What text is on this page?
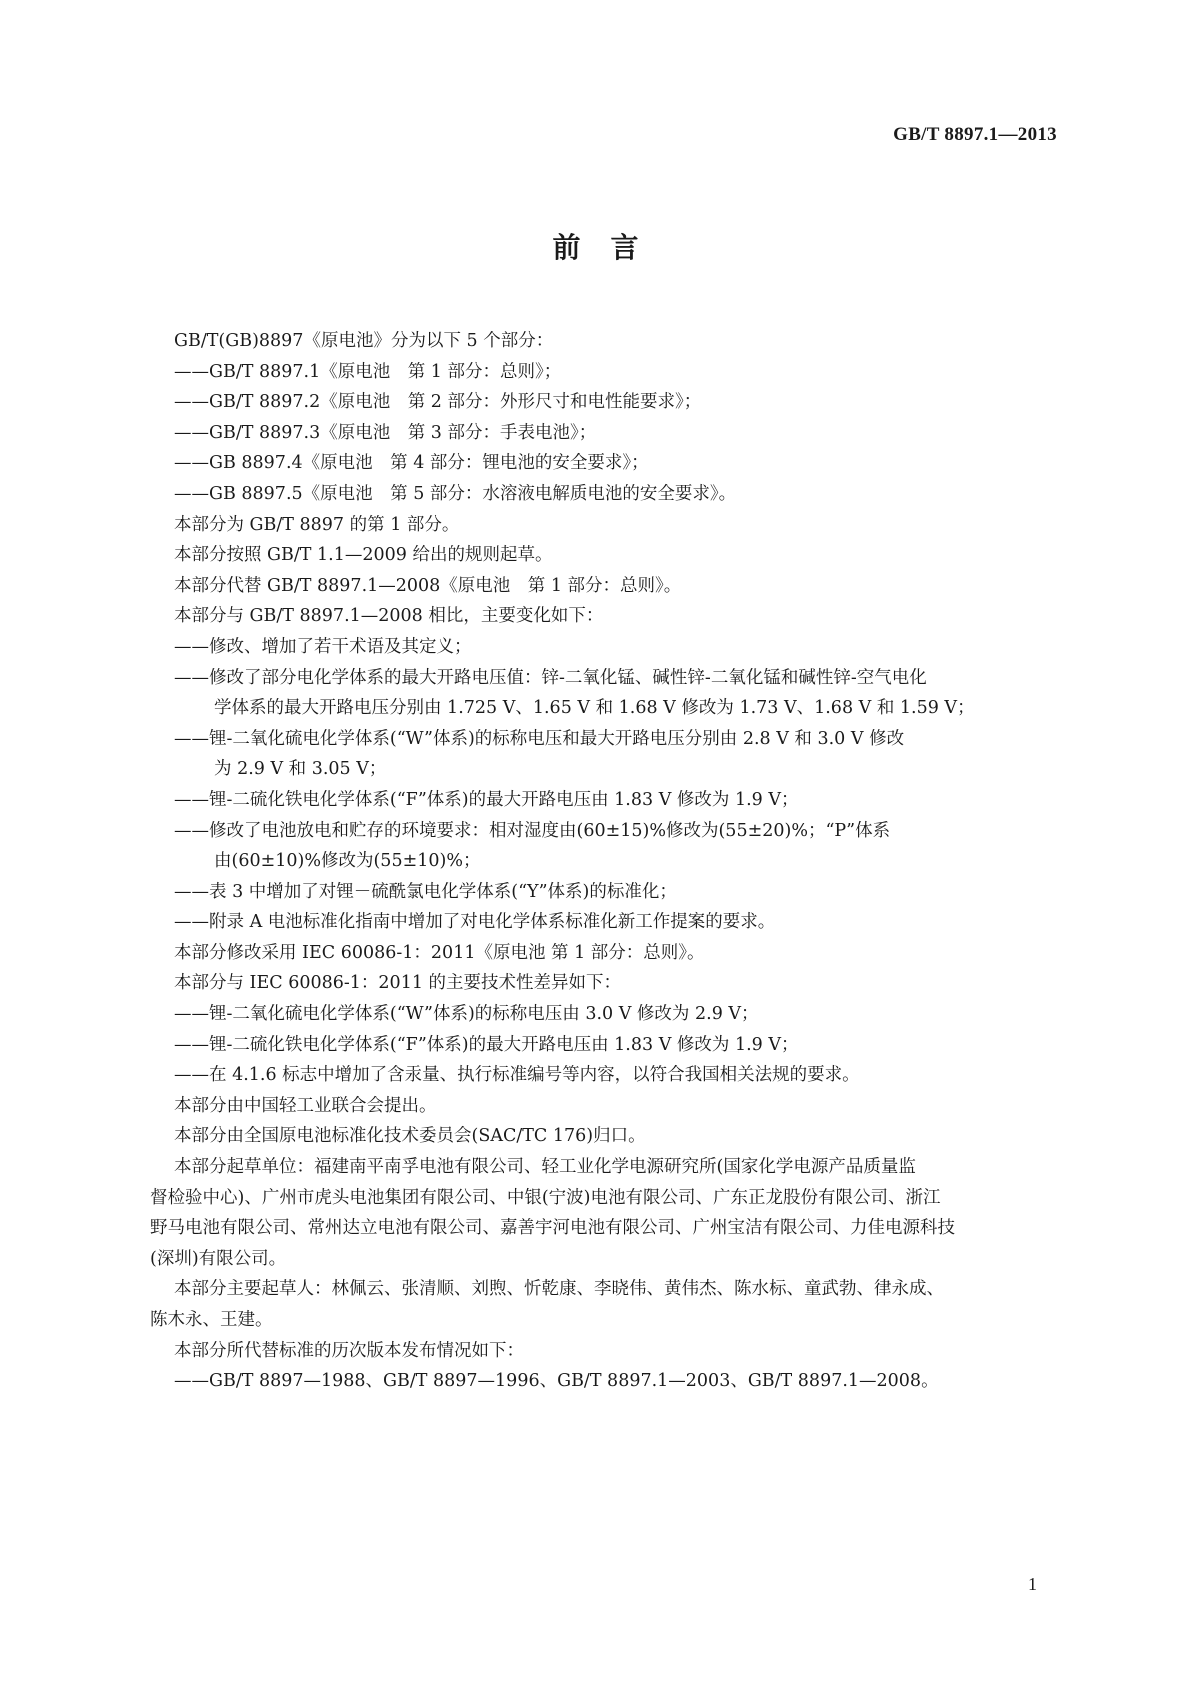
GB/T 8897.1—2013
前言

GB/T(GB)8897《原电池》分为以下 5 个部分：

——GB/T 8897.1《原电池　第 1 部分：总则》；

——GB/T 8897.2《原电池　第 2 部分：外形尺寸和电性能要求》；

——GB/T 8897.3《原电池　第 3 部分：手表电池》；

——GB 8897.4《原电池　第 4 部分：锂电池的安全要求》；

——GB 8897.5《原电池　第 5 部分：水溶液电解质电池的安全要求》。

本部分为 GB/T 8897 的第 1 部分。

本部分按照 GB/T 1.1—2009 给出的规则起草。

本部分代替 GB/T 8897.1—2008《原电池　第 1 部分：总则》。

本部分与 GB/T 8897.1—2008 相比，主要变化如下：

——修改、增加了若干术语及其定义；

——修改了部分电化学体系的最大开路电压值：锌-二氧化锰、碱性锌-二氧化锰和碱性锌-空气电化
学体系的最大开路电压分别由 1.725 V、1.65 V 和 1.68 V 修改为 1.73 V、1.68 V 和 1.59 V；
——锂-二氧化硫电化学体系(“W”体系)的标称电压和最大开路电压分别由 2.8 V 和 3.0 V 修改
为 2.9 V 和 3.05 V；

——锂-二硫化铁电化学体系(“F”体系)的最大开路电压由 1.83 V 修改为 1.9 V；

——修改了电池放电和贮存的环境要求：相对湿度由(60±15)%修改为(55±20)%；“P”体系
由(60±10)%修改为(55±10)%；

——表 3 中增加了对锂－硫酰氯电化学体系(“Y”体系)的标准化；

——附录 A 电池标准化指南中增加了对电化学体系标准化新工作提案的要求。

本部分修改采用 IEC 60086-1：2011《原电池 第 1 部分：总则》。

本部分与 IEC 60086-1：2011 的主要技术性差异如下：

——锂-二氧化硫电化学体系(“W”体系)的标称电压由 3.0 V 修改为 2.9 V；

——锂-二硫化铁电化学体系(“F”体系)的最大开路电压由 1.83 V 修改为 1.9 V；

——在 4.1.6 标志中增加了含汞量、执行标准编号等内容，以符合我国相关法规的要求。

本部分由中国轻工业联合会提出。

本部分由全国原电池标准化技术委员会(SAC/TC 176)归口。

本部分起草单位：福建南平南孚电池有限公司、轻工业化学电源研究所(国家化学电源产品质量监
督检验中心)、广州市虎头电池集团有限公司、中银(宁波)电池有限公司、广东正龙股份有限公司、浙江
野马电池有限公司、常州达立电池有限公司、嘉善宇河电池有限公司、广州宝洁有限公司、力佳电源科技
(深圳)有限公司。
本部分主要起草人：林佩云、张清顺、刘煦、忻乾康、李晓伟、黄伟杰、陈水标、童武勃、律永成、
陈木永、王建。

本部分所代替标准的历次版本发布情况如下：

——GB/T 8897—1988、GB/T 8897—1996、GB/T 8897.1—2003、GB/T 8897.1—2008。

1
